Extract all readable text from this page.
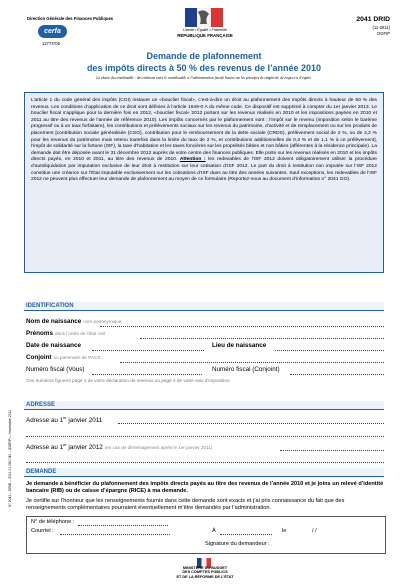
Direction Générale des Finances Publiques
cerfa
12774*06
Liberté • Égalité • Fraternité
RÉPUBLIQUE FRANÇAISE
2041 DRID
(11-2011)
DGFIP
Demande de plafonnement
des impôts directs à 50 % des revenus de l’année 2010
La charte du contribuable : des relations entre le contribuable et l’administration fiscale basées sur les principes de simplicité, de respect et d’équité.
L’article 1 du code général des impôts (CGI) instaure un «bouclier fiscal», c’est-à-dire un droit au plafonnement des impôts directs à hauteur de 50 % des revenus. Les conditions d’application de ce droit sont définies à l’article 1649-0 A du même code. Ce dispositif est supprimé à compter du 1er janvier 2013. Le bouclier fiscal s’applique pour la dernière fois en 2012, «bouclier fiscal» 2012 portant sur les revenus réalisés en 2010 et les impositions payées en 2010 et 2011 au titre des revenus de l’année de référence 2010). Les impôts concernés par le plafonnement sont : l’impôt sur le revenu (imposition selon le barème progressif ou à un taux forfaitaire), les contributions et prélèvements sociaux sur les revenus du patrimoine, d’activité et de remplacement ou sur les produits de placement [contribution sociale généralisée (CSG), contribution pour le remboursement de la dette sociale (CRDS), prélèvement social de 2 %, ou de 2,2 % pour les revenus du patrimoine mais retenu toutefois dans la limite du taux de 2 %, et contributions additionnelles de 0,3 % et de 1,1 % à ce prélèvement], l’impôt de solidarité sur la fortune (ISF), la taxe d’habitation et les taxes foncières sur les propriétés bâties et non bâties (afférentes à la résidence principale). La demande doit être déposée avant le 31 décembre 2012 auprès de votre centre des finances publiques. Elle porte sur les revenus réalisés en 2010 et les impôts directs payés, en 2010 et 2011, au titre des revenus de 2010. Attention : les redevables de l’ISF 2012 doivent obligatoirement utiliser la procédure d’autoliquidation par imputation exclusive de leur droit à restitution sur leur cotisation d’ISF 2012. Le part du droit à restitution non imputée sur l’ISF 2012 constitue une créance sur l’État imputable exclusivement sur les cotisations d’ISF dues au titre des années suivantes. Sauf exceptions, les redevables de l’ISF 2012 ne peuvent plus effectuer leur demande de plafonnement au moyen de ce formulaire (Reportez-vous au document d’information n° 2041 GO).
IDENTIFICATION
Nom de naissance nom patronymique
Prénoms dans l’ordre de l’état civil
Date de naissance	Lieu de naissance
Conjoint ou partenaire de PACS
Numéro fiscal (Vous)	Numéro fiscal (Conjoint)
Ces numéros figurent page 1 de votre déclaration de revenus ou page 4 de votre avis d’imposition.
ADRESSE
Adresse au 1er janvier 2011
Adresse au 1er janvier 2012 (en cas de déménagement après le 1er janvier 2011)
N° 2041 – DRID – 2011 01 080 040 – (DGFiP) – Novembre 2011	DEMANDE
Je demande à bénéficier du plafonnement des impôts directs payés au titre des revenus de l’année 2010 et je joins un relevé d’identité bancaire (RIB) ou de caisse d’épargne (RICE) à ma demande.
Je certifie sur l’honneur que les renseignements fournis dans cette demande sont exacts et j’ai pris connaissance du fait que des renseignements complémentaires pourraient éventuellement m’être demandés par l’administration.
N° de téléphone :
Courriel :	À	le	/ /
Signature du demandeur :
MINISTÈRE DU BUDGET
DES COMPTES PUBLICS
ET DE LA RÉFORME DE L’ÉTAT
